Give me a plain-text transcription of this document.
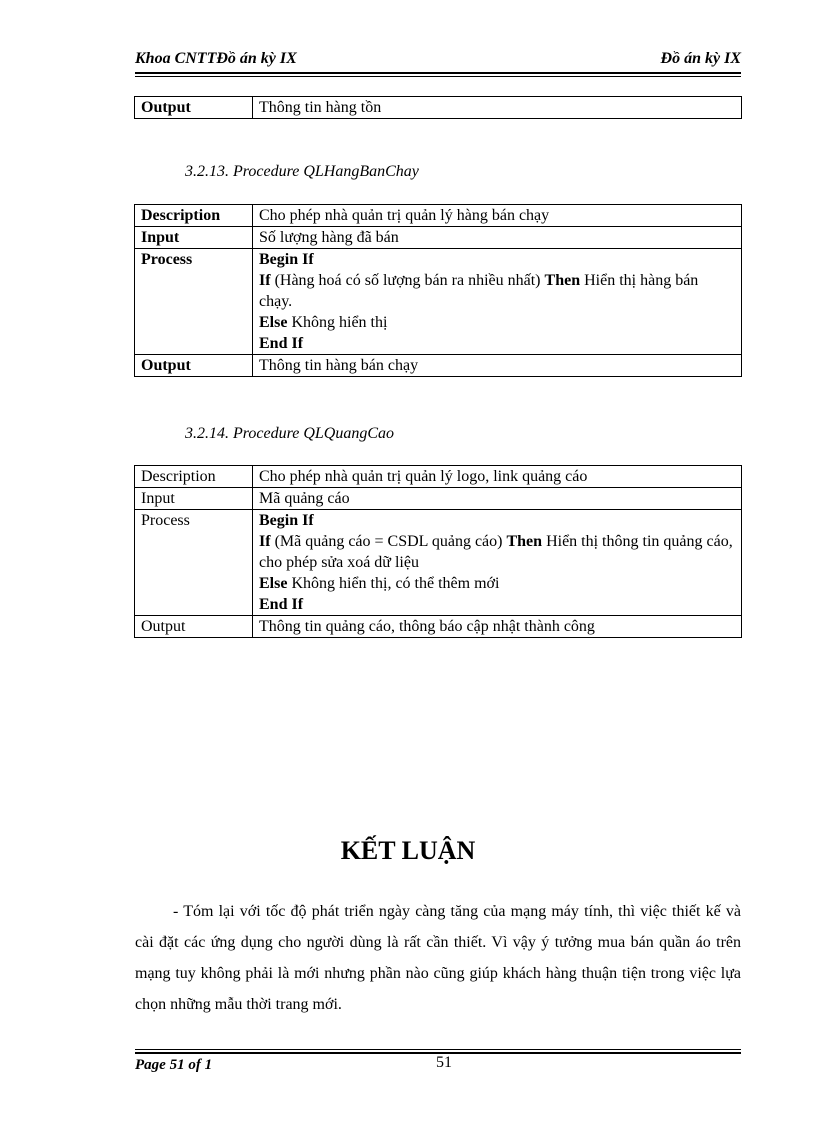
Khoa CNTTĐồ án kỳ IX	Đồ án kỳ IX
Output	Thông tin hàng tồn
3.2.13. Procedure QLHangBanChay
Description	Cho phép nhà quản trị quản lý hàng bán chạy
Input	Số lượng hàng đã bán
Process	Begin If
If (Hàng hoá có số lượng bán ra nhiều nhất) Then Hiển thị hàng bán chạy.
Else Không hiển thị
End If

Output	Thông tin hàng bán chạy
3.2.14. Procedure QLQuangCao
Description	Cho phép nhà quản trị quản lý logo, link quảng cáo
Input	Mã quảng cáo
Process	Begin If
If (Mã quảng cáo = CSDL quảng cáo) Then Hiển thị thông tin quảng cáo, cho phép sửa xoá dữ liệu
Else Không hiển thị, có thể thêm mới
End If

Output	Thông tin quảng cáo, thông báo cập nhật thành công
KẾT LUẬN
- Tóm lại với tốc độ phát triển ngày càng tăng của mạng máy tính, thì việc thiết kế và cài đặt các ứng dụng cho người dùng là rất cần thiết. Vì vậy ý tưởng mua bán quần áo trên mạng tuy không phải là mới nhưng phần nào cũng giúp khách hàng thuận tiện trong việc lựa chọn những mẫu thời trang mới.
Page 51 of 1	51
